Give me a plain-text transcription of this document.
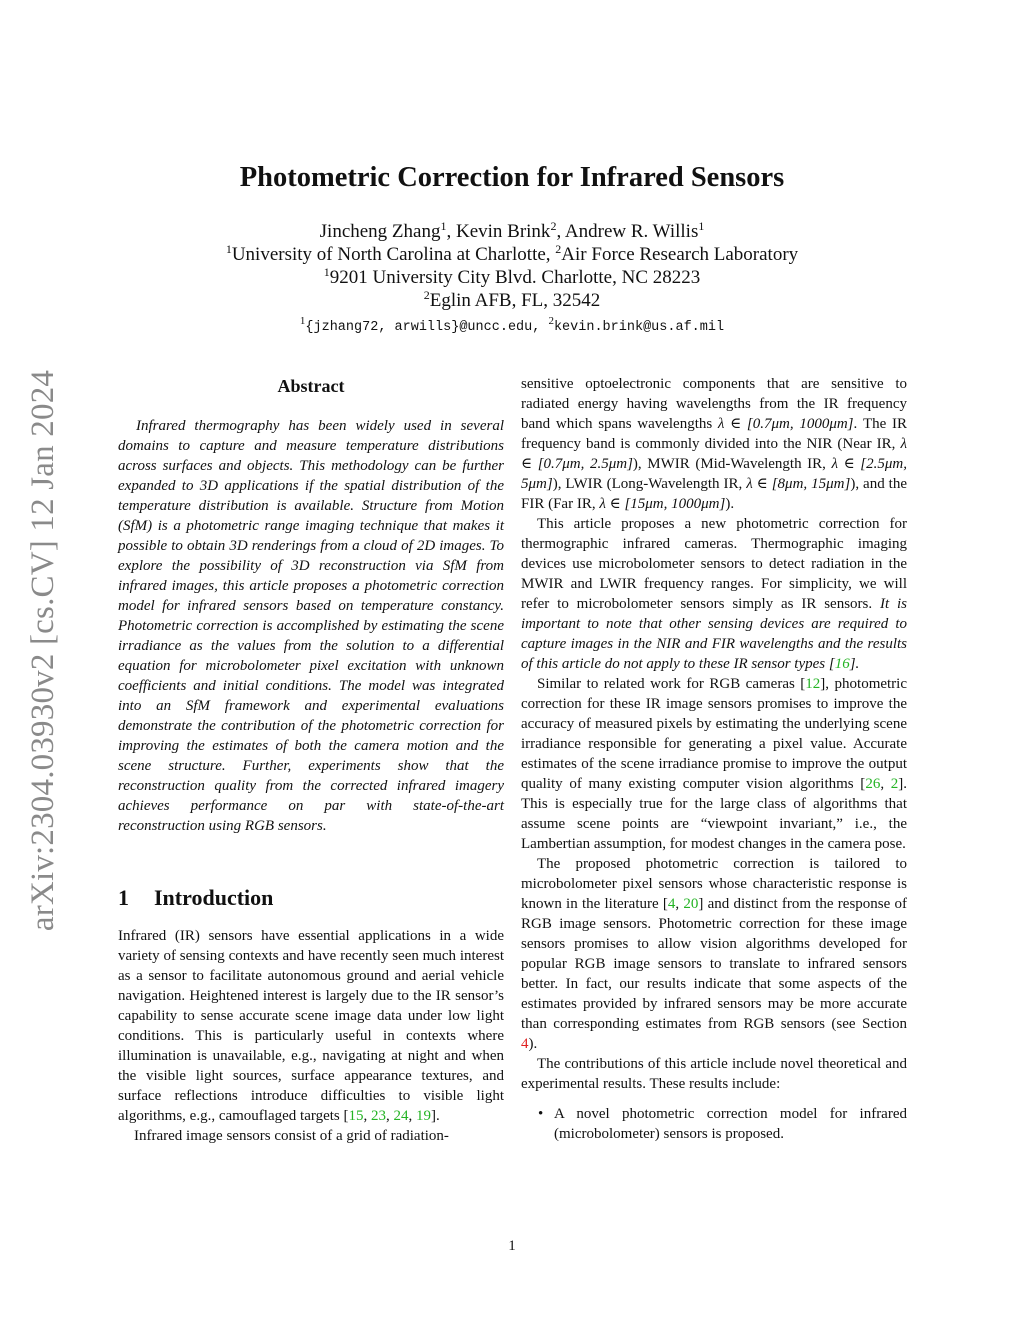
arXiv:2304.03930v2 [cs.CV] 12 Jan 2024
Photometric Correction for Infrared Sensors
Jincheng Zhang$^1$, Kevin Brink$^2$, Andrew R. Willis$^1$
$^1$University of North Carolina at Charlotte, $^2$Air Force Research Laboratory
$^1$9201 University City Blvd. Charlotte, NC 28223
$^2$Eglin AFB, FL, 32542
$^1${jzhang72, arwills}@uncc.edu, $^2$kevin.brink@us.af.mil
Abstract

Infrared thermography has been widely used in several domains to capture and measure temperature distributions across surfaces and objects. This methodology can be further expanded to 3D applications if the spatial distribution of the temperature distribution is available. Structure from Motion (SfM) is a photometric range imaging technique that makes it possible to obtain 3D renderings from a cloud of 2D images. To explore the possibility of 3D reconstruction via SfM from infrared images, this article proposes a photometric correction model for infrared sensors based on temperature constancy. Photometric correction is accomplished by estimating the scene irradiance as the values from the solution to a differential equation for microbolometer pixel excitation with unknown coefficients and initial conditions. The model was integrated into an SfM framework and experimental evaluations demonstrate the contribution of the photometric correction for improving the estimates of both the camera motion and the scene structure. Further, experiments show that the reconstruction quality from the corrected infrared imagery achieves performance on par with state-of-the-art reconstruction using RGB sensors.

1 Introduction

Infrared (IR) sensors have essential applications in a wide variety of sensing contexts and have recently seen much interest as a sensor to facilitate autonomous ground and aerial vehicle navigation. Heightened interest is largely due to the IR sensor’s capability to sense accurate scene image data under low light conditions. This is particularly useful in contexts where illumination is unavailable, e.g., navigating at night and when the visible light sources, surface appearance textures, and surface reflections introduce difficulties to visible light algorithms, e.g., camouflaged targets [15, 23, 24, 19].

Infrared image sensors consist of a grid of radiation-

sensitive optoelectronic components that are sensitive to radiated energy having wavelengths from the IR frequency band which spans wavelengths λ ∈ [0.7μm, 1000μm]. The IR frequency band is commonly divided into the NIR (Near IR, λ ∈ [0.7μm, 2.5μm]), MWIR (Mid-Wavelength IR, λ ∈ [2.5μm, 5μm]), LWIR (Long-Wavelength IR, λ ∈ [8μm, 15μm]), and the FIR (Far IR, λ ∈ [15μm, 1000μm]).

This article proposes a new photometric correction for thermographic infrared cameras. Thermographic imaging devices use microbolometer sensors to detect radiation in the MWIR and LWIR frequency ranges. For simplicity, we will refer to microbolometer sensors simply as IR sensors. It is important to note that other sensing devices are required to capture images in the NIR and FIR wavelengths and the results of this article do not apply to these IR sensor types [16].

Similar to related work for RGB cameras [12], photometric correction for these IR image sensors promises to improve the accuracy of measured pixels by estimating the underlying scene irradiance responsible for generating a pixel value. Accurate estimates of the scene irradiance promise to improve the output quality of many existing computer vision algorithms [26, 2]. This is especially true for the large class of algorithms that assume scene points are “viewpoint invariant,” i.e., the Lambertian assumption, for modest changes in the camera pose.

The proposed photometric correction is tailored to microbolometer pixel sensors whose characteristic response is known in the literature [4, 20] and distinct from the response of RGB image sensors. Photometric correction for these image sensors promises to allow vision algorithms developed for popular RGB image sensors to translate to infrared sensors better. In fact, our results indicate that some aspects of the estimates provided by infrared sensors may be more accurate than corresponding estimates from RGB sensors (see Section 4).

The contributions of this article include novel theoretical and experimental results. These results include:

• A novel photometric correction model for infrared (microbolometer) sensors is proposed.
1
